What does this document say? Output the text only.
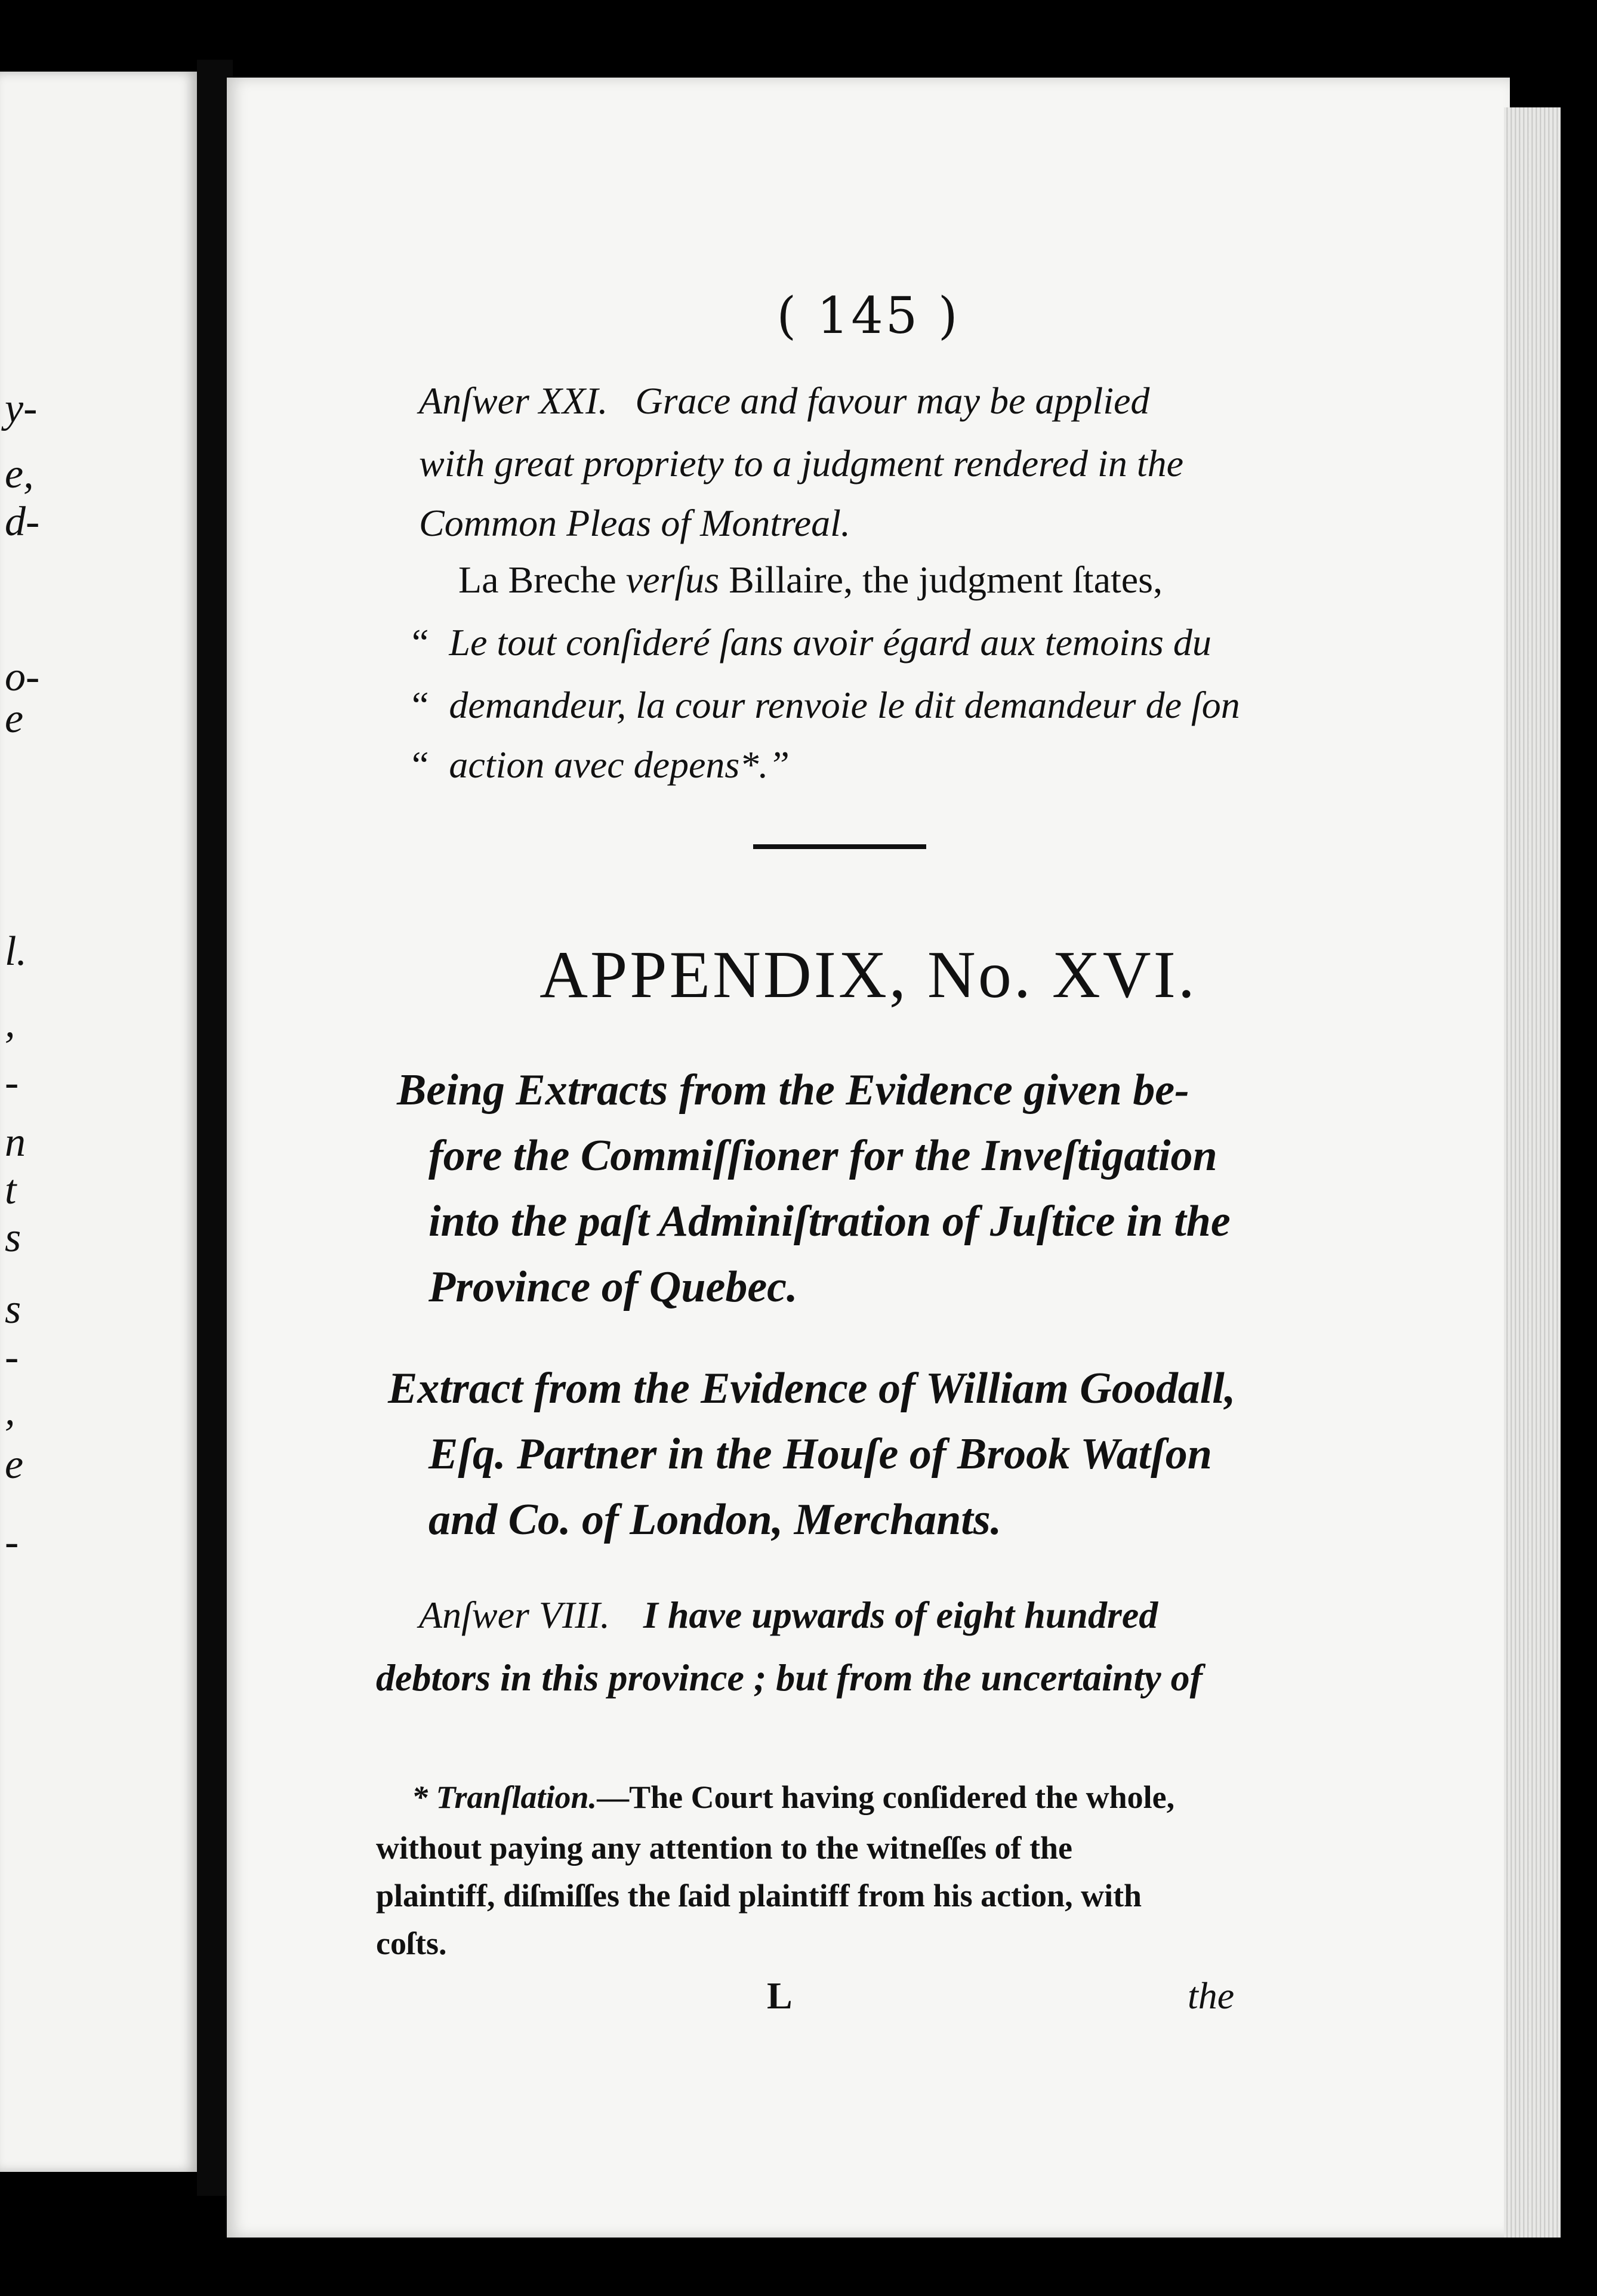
y-
e,
d-
o-
e
l.
,
-
n
t
s
s
-
,
e
-
( 145 )
Anſwer XXI. Grace and favour may be applied
with great propriety to a judgment rendered in the
Common Pleas of Montreal.
La Breche verſus Billaire, the judgment ſtates,
“ Le tout conſideré ſans avoir égard aux temoins du
“ demandeur, la cour renvoie le dit demandeur de ſon
“ action avec depens*.”
APPENDIX, No. XVI.
Being Extracts from the Evidence given be-
fore the Commiſſioner for the Inveſtigation
into the paſt Adminiſtration of Juſtice in the
Province of Quebec.
Extract from the Evidence of William Goodall,
Eſq. Partner in the Houſe of Brook Watſon
and Co. of London, Merchants.
Anſwer VIII. I have upwards of eight hundred
debtors in this province ; but from the uncertainty of
* Tranſlation.—The Court having conſidered the whole,
without paying any attention to the witneſſes of the
plaintiff, diſmiſſes the ſaid plaintiff from his action, with
coſts.
L	the
